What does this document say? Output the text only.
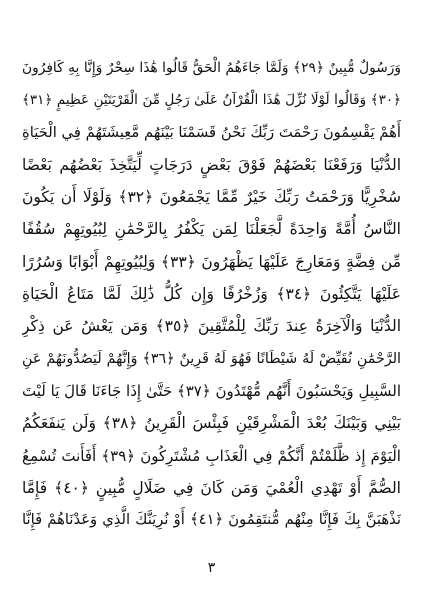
وَرَسُولٌ مُّبِينٌ ﴿٢٩﴾ وَلَمَّا جَاءَهُمُ الْحَقُّ قَالُوا هَٰذَا سِحْرٌ وَإِنَّا بِهِ كَافِرُونَ
﴿٣٠﴾ وَقَالُوا لَوْلَا نُزِّلَ هَٰذَا الْقُرْآنُ عَلَىٰ رَجُلٍ مِّنَ الْقَرْيَتَيْنِ عَظِيمٍ ﴿٣١﴾
أَهُمْ يَقْسِمُونَ رَحْمَتَ رَبِّكَ نَحْنُ قَسَمْنَا بَيْنَهُم مَّعِيشَتَهُمْ فِي الْحَيَاةِ
الدُّنْيَا وَرَفَعْنَا بَعْضَهُمْ فَوْقَ بَعْضٍ دَرَجَاتٍ لِّيَتَّخِذَ بَعْضُهُم بَعْضًا
سُخْرِيًّا وَرَحْمَتُ رَبِّكَ خَيْرٌ مِّمَّا يَجْمَعُونَ ﴿٣٢﴾ وَلَوْلَا أَن يَكُونَ
النَّاسُ أُمَّةً وَاحِدَةً لَّجَعَلْنَا لِمَن يَكْفُرُ بِالرَّحْمَٰنِ لِبُيُوتِهِمْ سُقُفًا
مِّن فِضَّةٍ وَمَعَارِجَ عَلَيْهَا يَظْهَرُونَ ﴿٣٣﴾ وَلِبُيُوتِهِمْ أَبْوَابًا وَسُرُرًا
عَلَيْهَا يَتَّكِئُونَ ﴿٣٤﴾ وَزُخْرُفًا وَإِن كُلُّ ذَٰلِكَ لَمَّا مَتَاعُ الْحَيَاةِ
الدُّنْيَا وَالْآخِرَةُ عِندَ رَبِّكَ لِلْمُتَّقِينَ ﴿٣٥﴾ وَمَن يَعْشُ عَن ذِكْرِ
الرَّحْمَٰنِ نُقَيِّضْ لَهُ شَيْطَانًا فَهُوَ لَهُ قَرِينٌ ﴿٣٦﴾ وَإِنَّهُمْ لَيَصُدُّونَهُمْ عَنِ
السَّبِيلِ وَيَحْسَبُونَ أَنَّهُم مُّهْتَدُونَ ﴿٣٧﴾ حَتَّىٰ إِذَا جَاءَنَا قَالَ يَا لَيْتَ
بَيْنِي وَبَيْنَكَ بُعْدَ الْمَشْرِقَيْنِ فَبِئْسَ الْقَرِينُ ﴿٣٨﴾ وَلَن يَنفَعَكُمُ
الْيَوْمَ إِذ ظَّلَمْتُمْ أَنَّكُمْ فِي الْعَذَابِ مُشْتَرِكُونَ ﴿٣٩﴾ أَفَأَنتَ تُسْمِعُ
الصُّمَّ أَوْ تَهْدِي الْعُمْيَ وَمَن كَانَ فِي ضَلَالٍ مُّبِينٍ ﴿٤٠﴾ فَإِمَّا
نَذْهَبَنَّ بِكَ فَإِنَّا مِنْهُم مُّنتَقِمُونَ ﴿٤١﴾ أَوْ نُرِيَنَّكَ الَّذِي وَعَدْنَاهُمْ فَإِنَّا
٣
